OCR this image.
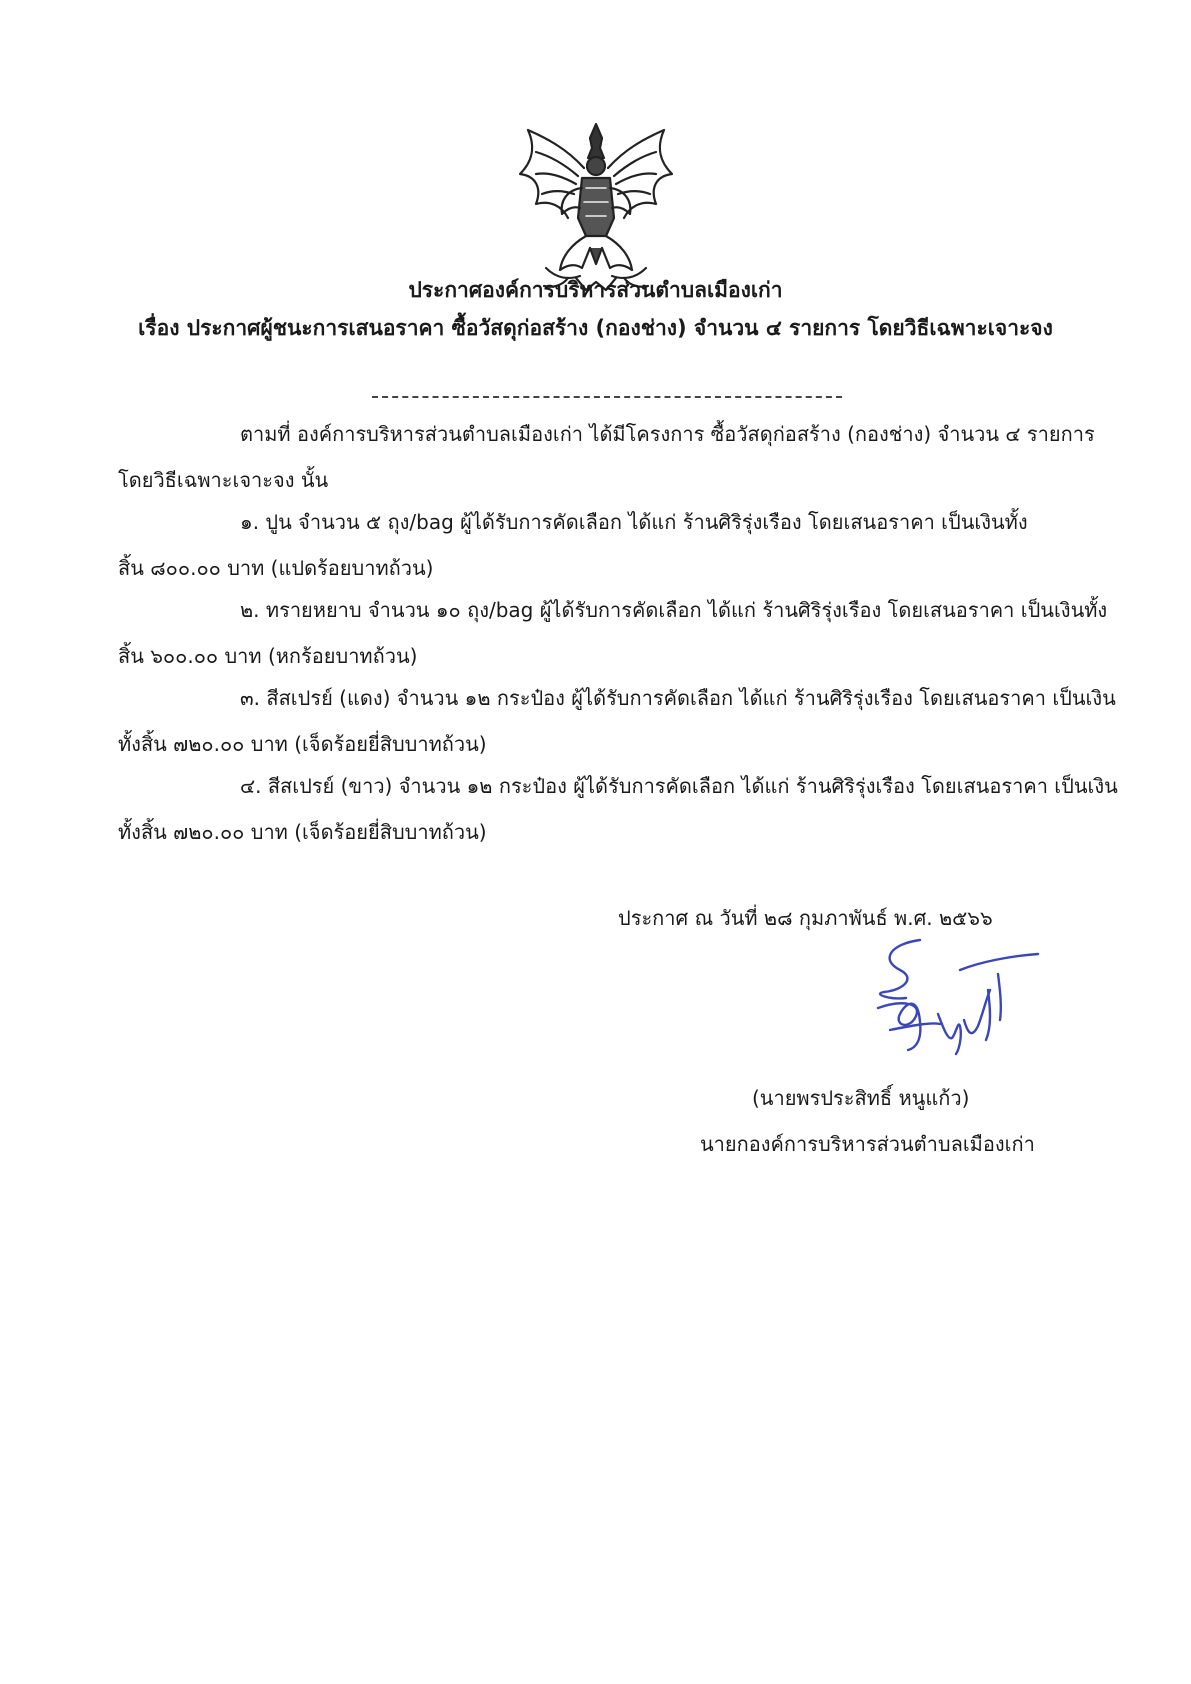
ประกาศองค์การบริหารส่วนตำบลเมืองเก่า
เรื่อง ประกาศผู้ชนะการเสนอราคา ซื้อวัสดุก่อสร้าง (กองช่าง) จำนวน ๔ รายการ โดยวิธีเฉพาะเจาะจง
ตามที่ องค์การบริหารส่วนตำบลเมืองเก่า ได้มีโครงการ ซื้อวัสดุก่อสร้าง (กองช่าง) จำนวน ๔ รายการ
โดยวิธีเฉพาะเจาะจง นั้น
๑. ปูน จำนวน ๕ ถุง/bag ผู้ได้รับการคัดเลือก ได้แก่ ร้านศิริรุ่งเรือง โดยเสนอราคา เป็นเงินทั้ง
สิ้น ๘๐๐.๐๐ บาท (แปดร้อยบาทถ้วน)
๒. ทรายหยาบ จำนวน ๑๐ ถุง/bag ผู้ได้รับการคัดเลือก ได้แก่ ร้านศิริรุ่งเรือง โดยเสนอราคา เป็นเงินทั้ง
สิ้น ๖๐๐.๐๐ บาท (หกร้อยบาทถ้วน)
๓. สีสเปรย์ (แดง) จำนวน ๑๒ กระป๋อง ผู้ได้รับการคัดเลือก ได้แก่ ร้านศิริรุ่งเรือง โดยเสนอราคา เป็นเงิน
ทั้งสิ้น ๗๒๐.๐๐ บาท (เจ็ดร้อยยี่สิบบาทถ้วน)
๔. สีสเปรย์ (ขาว) จำนวน ๑๒ กระป๋อง ผู้ได้รับการคัดเลือก ได้แก่ ร้านศิริรุ่งเรือง โดยเสนอราคา เป็นเงิน
ทั้งสิ้น ๗๒๐.๐๐ บาท (เจ็ดร้อยยี่สิบบาทถ้วน)
ประกาศ ณ วันที่ ๒๘ กุมภาพันธ์ พ.ศ. ๒๕๖๖
(นายพรประสิทธิ์ หนูแก้ว)
นายกองค์การบริหารส่วนตำบลเมืองเก่า
